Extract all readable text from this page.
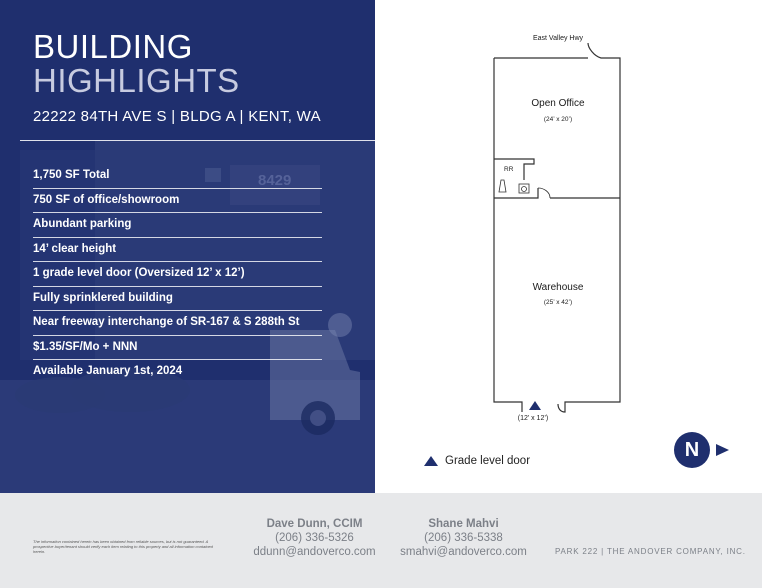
8429
BUILDING
HIGHLIGHTS
22222 84TH AVE S | BLDG A | KENT, WA
1,750 SF Total
750 SF of office/showroom
Abundant parking
14’ clear height
1 grade level door (Oversized 12’ x 12’)
Fully sprinklered building
Near freeway interchange of SR-167 & S 288th St
$1.35/SF/Mo + NNN
Available January 1st, 2024
East Valley Hwy
RR
Open Office
(24’ x 20’)
Warehouse
(25’ x 42’)
(12’ x 12’)
Grade level door	N
The information contained herein has been obtained from reliable sources, but is not guaranteed. A prospective buyer/tenant should verify each item relating to this property and all information contained herein.
Dave Dunn, CCIM
(206) 336-5326
ddunn@andoverco.com
Shane Mahvi
(206) 336-5338
smahvi@andoverco.com	PARK 222 | THE ANDOVER COMPANY, INC.
